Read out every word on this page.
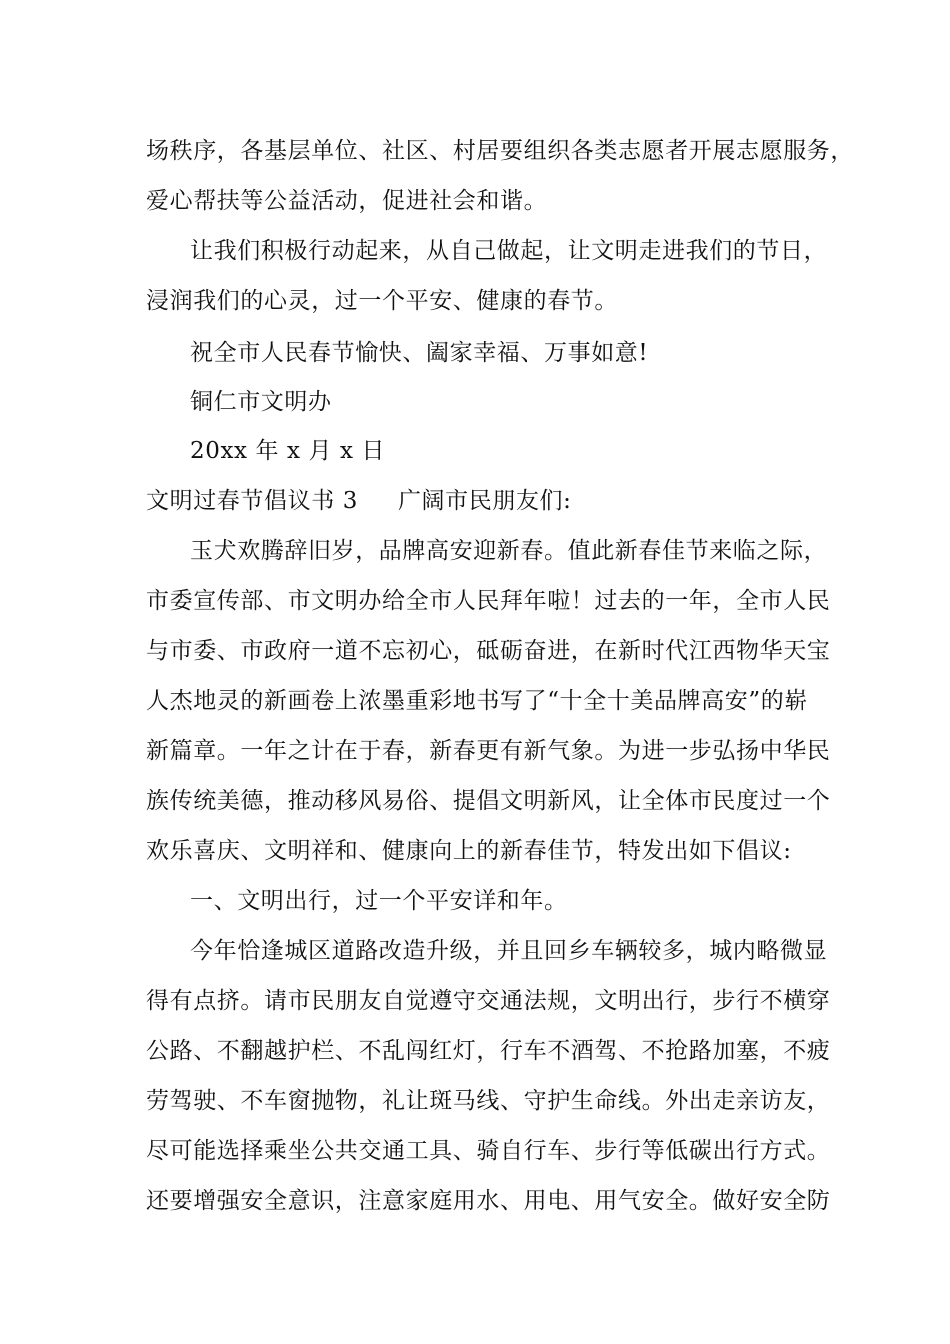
场秩序，各基层单位、社区、村居要组织各类志愿者开展志愿服务，
爱心帮扶等公益活动，促进社会和谐。
让我们积极行动起来，从自己做起，让文明走进我们的节日，
浸润我们的心灵，过一个平安、健康的春节。
祝全市人民春节愉快、阖家幸福、万事如意!
铜仁市文明办
20xx 年 x 月 x 日
文明过春节倡议书 3 广阔市民朋友们:
玉犬欢腾辞旧岁，品牌高安迎新春。值此新春佳节来临之际，
市委宣传部、市文明办给全市人民拜年啦！过去的一年，全市人民
与市委、市政府一道不忘初心，砥砺奋进，在新时代江西物华天宝
人杰地灵的新画卷上浓墨重彩地书写了“十全十美品牌高安”的崭
新篇章。一年之计在于春，新春更有新气象。为进一步弘扬中华民
族传统美德，推动移风易俗、提倡文明新风，让全体市民度过一个
欢乐喜庆、文明祥和、健康向上的新春佳节，特发出如下倡议:
一、文明出行，过一个平安详和年。
今年恰逢城区道路改造升级，并且回乡车辆较多，城内略微显
得有点挤。请市民朋友自觉遵守交通法规，文明出行，步行不横穿
公路、不翻越护栏、不乱闯红灯，行车不酒驾、不抢路加塞，不疲
劳驾驶、不车窗抛物，礼让斑马线、守护生命线。外出走亲访友，
尽可能选择乘坐公共交通工具、骑自行车、步行等低碳出行方式。
还要增强安全意识，注意家庭用水、用电、用气安全。做好安全防
